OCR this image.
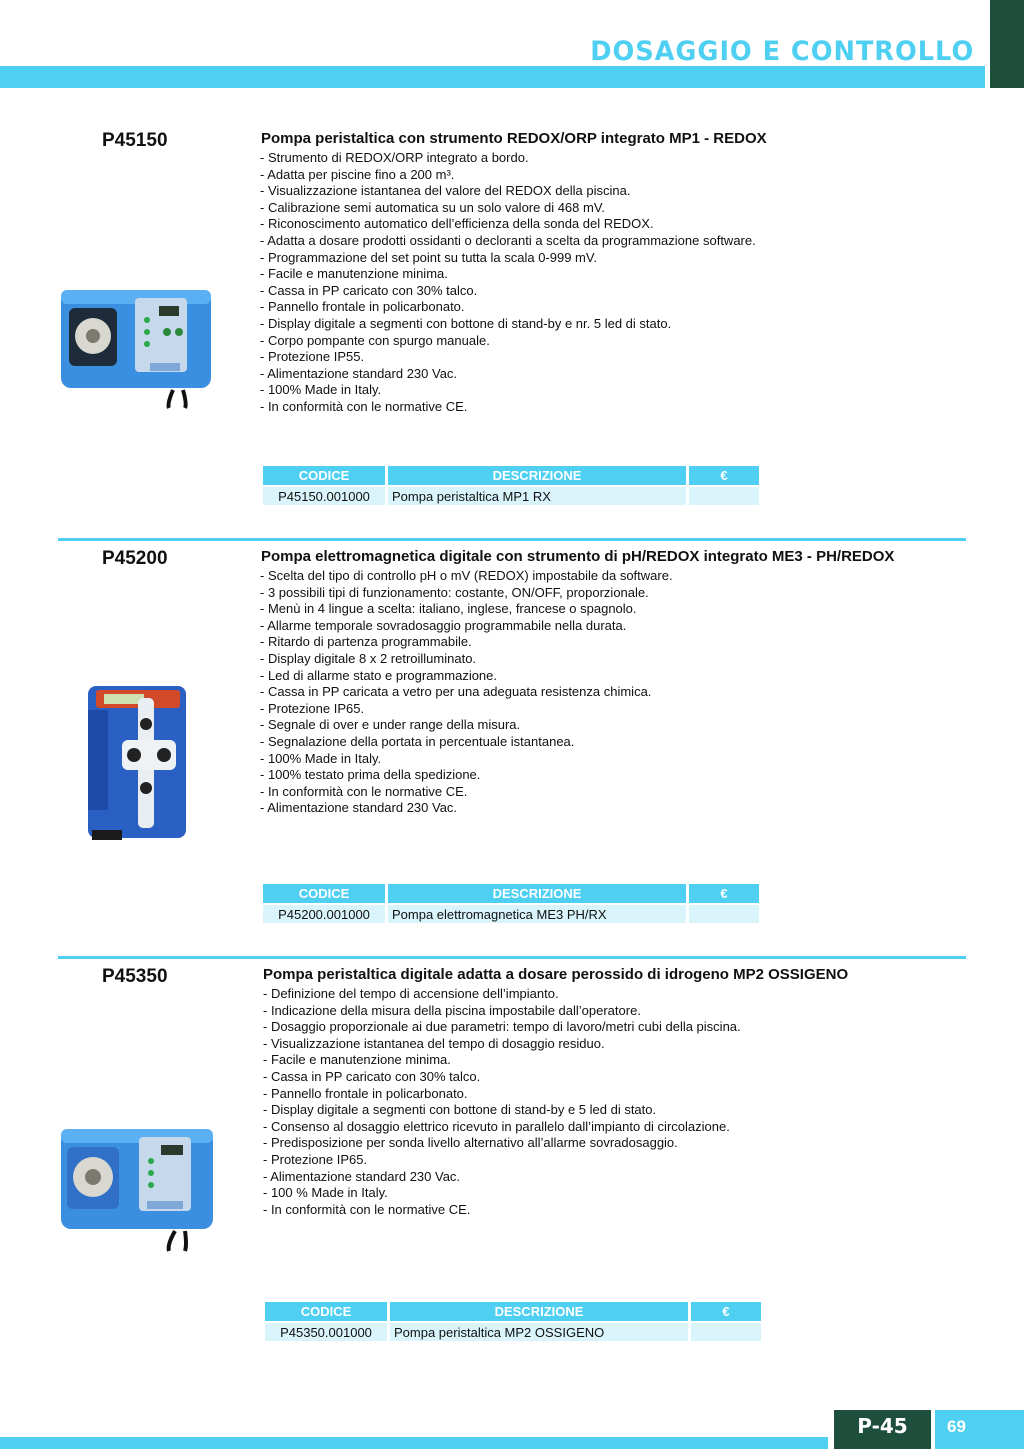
DOSAGGIO E CONTROLLO
P45150	Pompa peristaltica con strumento REDOX/ORP integrato MP1 - REDOX
- Strumento di REDOX/ORP integrato a bordo.
- Adatta per piscine fino a 200 m³.
- Visualizzazione istantanea del valore del REDOX della piscina.
- Calibrazione semi automatica su un solo valore di 468 mV.
- Riconoscimento automatico dell’efficienza della sonda del REDOX.
- Adatta a dosare prodotti ossidanti o decloranti a scelta da programmazione software.
- Programmazione del set point su tutta la scala 0-999 mV.
- Facile e manutenzione minima.
- Cassa in PP caricato con 30% talco.
- Pannello frontale in policarbonato.
- Display digitale a segmenti con bottone di stand-by e nr. 5 led di stato.
- Corpo pompante con spurgo manuale.
- Protezione IP55.
- Alimentazione standard 230 Vac.
- 100% Made in Italy.
- In conformità con le normative CE.
CODICE	DESCRIZIONE	€
P45150.001000	Pompa peristaltica MP1 RX	
P45200	Pompa elettromagnetica digitale con strumento di pH/REDOX integrato ME3 - PH/REDOX
- Scelta del tipo di controllo pH o mV (REDOX) impostabile da software.
- 3 possibili tipi di funzionamento: costante, ON/OFF, proporzionale.
- Menù in 4 lingue a scelta: italiano, inglese, francese o spagnolo.
- Allarme temporale sovradosaggio programmabile nella durata.
- Ritardo di partenza programmabile.
- Display digitale 8 x 2 retroilluminato.
- Led di allarme stato e programmazione.
- Cassa in PP caricata a vetro per una adeguata resistenza chimica.
- Protezione IP65.
- Segnale di over e under range della misura.
- Segnalazione della portata in percentuale istantanea.
- 100% Made in Italy.
- 100% testato prima della spedizione.
- In conformità con le normative CE.
- Alimentazione standard 230 Vac.
CODICE	DESCRIZIONE	€
P45200.001000	Pompa elettromagnetica ME3 PH/RX	
P45350	Pompa peristaltica digitale adatta a dosare perossido di idrogeno MP2 OSSIGENO
- Definizione del tempo di accensione dell’impianto.
- Indicazione della misura della piscina impostabile dall’operatore.
- Dosaggio proporzionale ai due parametri: tempo di lavoro/metri cubi della piscina.
- Visualizzazione istantanea del tempo di dosaggio residuo.
- Facile e manutenzione minima.
- Cassa in PP caricato con 30% talco.
- Pannello frontale in policarbonato.
- Display digitale a segmenti con bottone di stand-by e 5 led di stato.
- Consenso al dosaggio elettrico ricevuto in parallelo dall’impianto di circolazione.
- Predisposizione per sonda livello alternativo all’allarme sovradosaggio.
- Protezione IP65.
- Alimentazione standard 230 Vac.
- 100 % Made in Italy.
- In conformità con le normative CE.
CODICE	DESCRIZIONE	€
P45350.001000	Pompa peristaltica MP2 OSSIGENO	
P-45	69
